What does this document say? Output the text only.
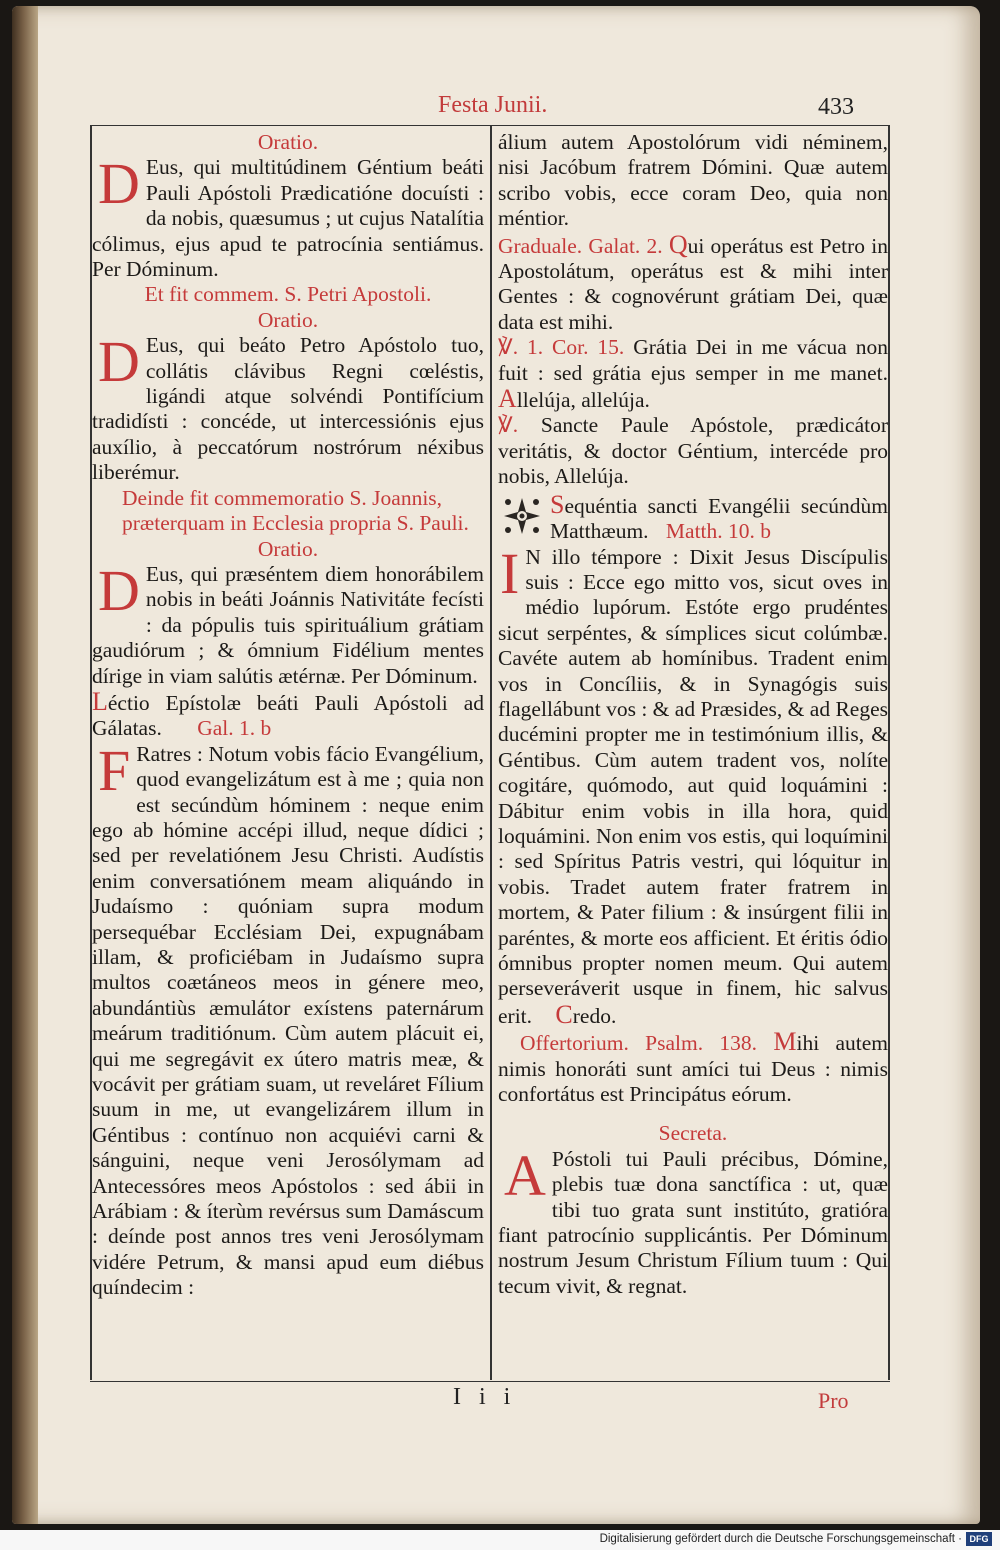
Festa Junii.	433

Oratio.

D Eus, qui multitúdinem Géntium beáti Pauli Apóstoli Prædicatióne docuísti : da nobis, quæsumus ; ut cujus Natalítia cólimus, ejus apud te patrocínia sentiámus. Per Dóminum.

Et fit commem. S. Petri Apostoli.

Oratio.

D Eus, qui beáto Petro Apóstolo tuo, collátis clávibus Regni cœléstis, ligándi atque solvéndi Pontifícium tradidísti : concéde, ut intercessiónis ejus auxílio, à peccatórum nostrórum néxibus liberémur.

Deinde fit commemoratio S. Joannis, præterquam in Ecclesia propria S. Pauli.

Oratio.

D Eus, qui præséntem diem honorábilem nobis in beáti Joánnis Nativitáte fecísti : da pópulis tuis spirituálium grátiam gaudiórum ; & ómnium Fidélium mentes dírige in viam salútis ætérnæ. Per Dóminum.

Léctio Epístolæ beáti Pauli Apóstoli ad Gálatas. Gal. 1. b

F Ratres : Notum vobis fácio Evangélium, quod evangelizátum est à me ; quia non est secúndùm hóminem : neque enim ego ab hómine accépi illud, neque dídici ; sed per revelatiónem Jesu Christi. Audístis enim conversatiónem meam aliquándo in Judaísmo : quóniam supra modum persequébar Ecclésiam Dei, expugnábam illam, & proficiébam in Judaísmo supra multos coætáneos meos in génere meo, abundántiùs æmulátor exístens paternárum meárum traditiónum. Cùm autem plácuit ei, qui me segregávit ex útero matris meæ, & vocávit per grátiam suam, ut reveláret Fílium suum in me, ut evangelizárem illum in Géntibus : contínuo non acquiévi carni & sánguini, neque veni Jerosólymam ad Antecessóres meos Apóstolos : sed ábii in Arábiam : & íterùm revérsus sum Damáscum : deínde post annos tres veni Jerosólymam vidére Petrum, & mansi apud eum diébus quíndecim :

álium autem Apostolórum vidi néminem, nisi Jacóbum fratrem Dómini. Quæ autem scribo vobis, ecce coram Deo, quia non méntior.

Graduale. Galat. 2. Qui operátus est Petro in Apostolátum, operátus est & mihi inter Gentes : & cognovérunt grátiam Dei, quæ data est mihi.

℣. 1. Cor. 15. Grátia Dei in me vácua non fuit : sed grátia ejus semper in me manet. Allelúja, allelúja.

℣. Sancte Paule Apóstole, prædicátor veritátis, & doctor Géntium, intercéde pro nobis, Allelúja.

Sequéntia sancti Evangélii secúndùm Matthæum. Matth. 10. b

I N illo témpore : Dixit Jesus Discípulis suis : Ecce ego mitto vos, sicut oves in médio lupórum. Estóte ergo prudéntes sicut serpéntes, & símplices sicut colúmbæ. Cavéte autem ab homínibus. Tradent enim vos in Concíliis, & in Synagógis suis flagellábunt vos : & ad Præsides, & ad Reges ducémini propter me in testimónium illis, & Géntibus. Cùm autem tradent vos, nolíte cogitáre, quómodo, aut quid loquámini : Dábitur enim vobis in illa hora, quid loquámini. Non enim vos estis, qui loquímini : sed Spíritus Patris vestri, qui lóquitur in vobis. Tradet autem frater fratrem in mortem, & Pater filium : & insúrgent filii in paréntes, & morte eos afficient. Et éritis ódio ómnibus propter nomen meum. Qui autem perseveráverit usque in finem, hic salvus erit. Credo.

Offertorium. Psalm. 138. Mihi autem nimis honoráti sunt amíci tui Deus : nimis confortátus est Principátus eórum.

Secreta.

A Póstoli tui Pauli précibus, Dómine, plebis tuæ dona sanctífica : ut, quæ tibi tuo grata sunt institúto, gratióra fiant patrocínio supplicántis. Per Dóminum nostrum Jesum Christum Fílium tuum : Qui tecum vivit, & regnat.

I i i	Pro
Digitalisierung gefördert durch die Deutsche Forschungsgemeinschaft · DFG
